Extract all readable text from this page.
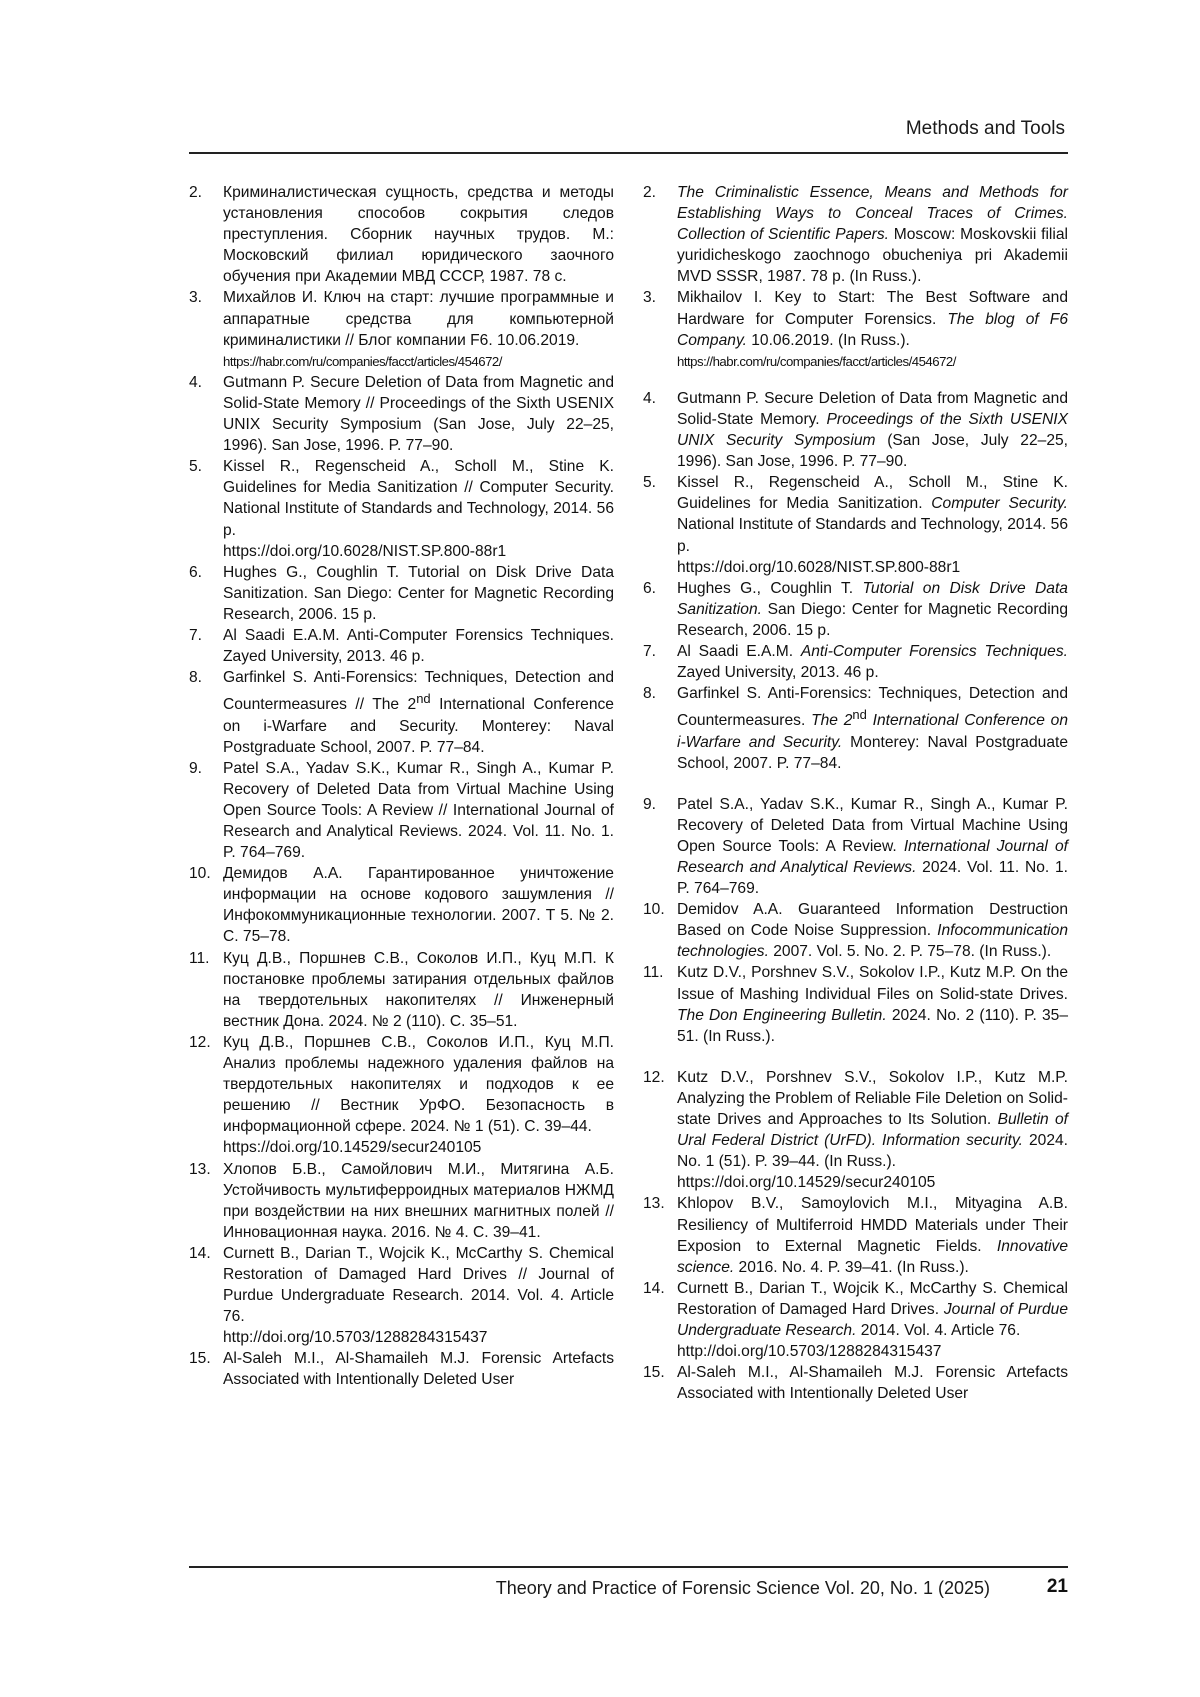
Methods and Tools
2.	Криминалистическая сущность, средства и методы установления способов сокрытия следов преступления. Сборник научных трудов. М.: Московский филиал юридического заочного обучения при Академии МВД СССР, 1987. 78 с.
3.	Михайлов И. Ключ на старт: лучшие программные и аппаратные средства для компьютерной криминалистики // Блог компании F6. 10.06.2019.
https://habr.com/ru/companies/facct/articles/454672/
4.	Gutmann P. Secure Deletion of Data from Magnetic and Solid-State Memory // Proceedings of the Sixth USENIX UNIX Security Symposium (San Jose, July 22–25, 1996). San Jose, 1996. P. 77–90.
5.	Kissel R., Regenscheid A., Scholl M., Stine K. Guidelines for Media Sanitization // Computer Security. National Institute of Standards and Technology, 2014. 56 p.
https://doi.org/10.6028/NIST.SP.800-88r1
6.	Hughes G., Coughlin T. Tutorial on Disk Drive Data Sanitization. San Diego: Center for Magnetic Recording Research, 2006. 15 p.
7.	Al Saadi E.A.M. Anti-Computer Forensics Techniques. Zayed University, 2013. 46 p.
8.	Garfinkel S. Anti-Forensics: Techniques, Detection and Countermeasures // The 2nd International Conference on i-Warfare and Security. Monterey: Naval Postgraduate School, 2007. P. 77–84.
9.	Patel S.A., Yadav S.K., Kumar R., Singh A., Kumar P. Recovery of Deleted Data from Virtual Machine Using Open Source Tools: A Review // International Journal of Research and Analytical Reviews. 2024. Vol. 11. No. 1. P. 764–769.
10. Демидов А.А. Гарантированное уничтожение информации на основе кодового зашумления // Инфокоммуникационные технологии. 2007. Т 5. № 2. С. 75–78.
11. Куц Д.В., Поршнев С.В., Соколов И.П., Куц М.П. К постановке проблемы затирания отдельных файлов на твердотельных накопителях // Инженерный вестник Дона. 2024. № 2 (110). С. 35–51.
12. Куц Д.В., Поршнев С.В., Соколов И.П., Куц М.П. Анализ проблемы надежного удаления файлов на твердотельных накопителях и подходов к ее решению // Вестник УрФО. Безопасность в информационной сфере. 2024. № 1 (51). С. 39–44.
https://doi.org/10.14529/secur240105
13. Хлопов Б.В., Самойлович М.И., Митягина А.Б. Устойчивость мультиферроидных материалов НЖМД при воздействии на них внешних магнитных полей // Инновационная наука. 2016. № 4. С. 39–41.
14. Curnett B., Darian T., Wojcik K., McCarthy S. Chemical Restoration of Damaged Hard Drives // Journal of Purdue Undergraduate Research. 2014. Vol. 4. Article 76.
http://doi.org/10.5703/1288284315437
15. Al-Saleh M.I., Al-Shamaileh M.J. Forensic Artefacts Associated with Intentionally Deleted User
2.	The Criminalistic Essence, Means and Methods for Establishing Ways to Conceal Traces of Crimes. Collection of Scientific Papers. Moscow: Moskovskii filial yuridicheskogo zaochnogo obucheniya pri Akademii MVD SSSR, 1987. 78 p. (In Russ.).
3.	Mikhailov I. Key to Start: The Best Software and Hardware for Computer Forensics. The blog of F6 Company. 10.06.2019. (In Russ.).
https://habr.com/ru/companies/facct/articles/454672/
4.	Gutmann P. Secure Deletion of Data from Magnetic and Solid-State Memory. Proceedings of the Sixth USENIX UNIX Security Symposium (San Jose, July 22–25, 1996). San Jose, 1996. P. 77–90.
5.	Kissel R., Regenscheid A., Scholl M., Stine K. Guidelines for Media Sanitization. Computer Security. National Institute of Standards and Technology, 2014. 56 p.
https://doi.org/10.6028/NIST.SP.800-88r1
6.	Hughes G., Coughlin T. Tutorial on Disk Drive Data Sanitization. San Diego: Center for Magnetic Recording Research, 2006. 15 p.
7.	Al Saadi E.A.M. Anti-Computer Forensics Techniques. Zayed University, 2013. 46 p.
8.	Garfinkel S. Anti-Forensics: Techniques, Detection and Countermeasures. The 2nd International Conference on i-Warfare and Security. Monterey: Naval Postgraduate School, 2007. P. 77–84.
9.	Patel S.A., Yadav S.K., Kumar R., Singh A., Kumar P. Recovery of Deleted Data from Virtual Machine Using Open Source Tools: A Review. International Journal of Research and Analytical Reviews. 2024. Vol. 11. No. 1. P. 764–769.
10. Demidov A.A. Guaranteed Information Destruction Based on Code Noise Suppression. Infocommunication technologies. 2007. Vol. 5. No. 2. P. 75–78. (In Russ.).
11. Kutz D.V., Porshnev S.V., Sokolov I.P., Kutz M.P. On the Issue of Mashing Individual Files on Solid-state Drives. The Don Engineering Bulletin. 2024. No. 2 (110). P. 35–51. (In Russ.).
12. Kutz D.V., Porshnev S.V., Sokolov I.P., Kutz M.P. Analyzing the Problem of Reliable File Deletion on Solid-state Drives and Approaches to Its Solution. Bulletin of Ural Federal District (UrFD). Information security. 2024. No. 1 (51). P. 39–44. (In Russ.).
https://doi.org/10.14529/secur240105
13. Khlopov B.V., Samoylovich M.I., Mityagina A.B. Resiliency of Multiferroid HMDD Materials under Their Exposion to External Magnetic Fields. Innovative science. 2016. No. 4. P. 39–41. (In Russ.).
14. Curnett B., Darian T., Wojcik K., McCarthy S. Chemical Restoration of Damaged Hard Drives. Journal of Purdue Undergraduate Research. 2014. Vol. 4. Article 76.
http://doi.org/10.5703/1288284315437
15. Al-Saleh M.I., Al-Shamaileh M.J. Forensic Artefacts Associated with Intentionally Deleted User
Theory and Practice of Forensic Science Vol. 20, No. 1 (2025)	21
